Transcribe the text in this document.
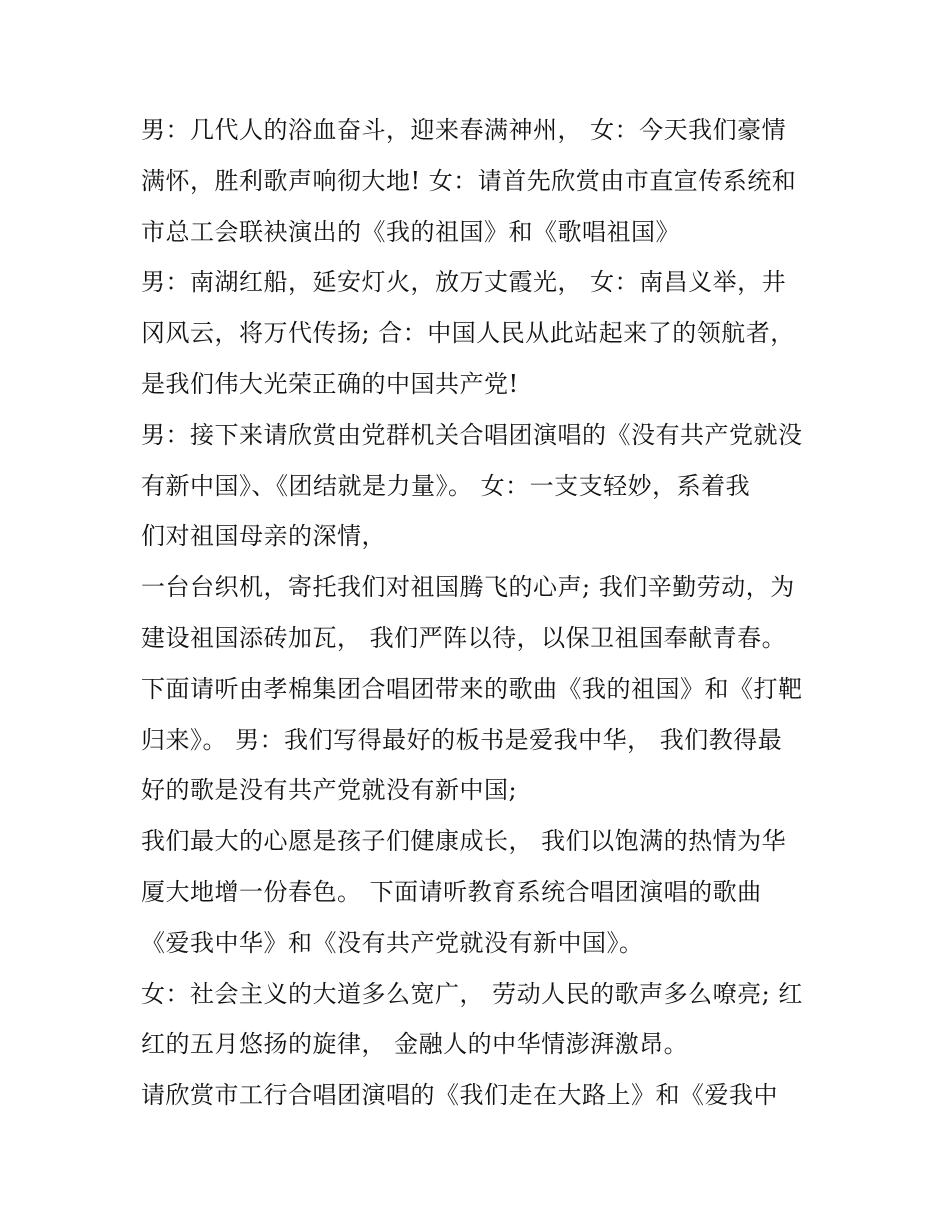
男：几代人的浴血奋斗，迎来春满神州， 女：今天我们豪情
满怀，胜利歌声响彻大地! 女：请首先欣赏由市直宣传系统和
市总工会联袂演出的《我的祖国》和《歌唱祖国》
男：南湖红船，延安灯火，放万丈霞光， 女：南昌义举，井
冈风云，将万代传扬; 合：中国人民从此站起来了的领航者，
是我们伟大光荣正确的中国共产党!
男：接下来请欣赏由党群机关合唱团演唱的《没有共产党就没
有新中国》、《团结就是力量》。 女：一支支轻妙，系着我
们对祖国母亲的深情，
一台台织机，寄托我们对祖国腾飞的心声; 我们辛勤劳动，为
建设祖国添砖加瓦， 我们严阵以待，以保卫祖国奉献青春。
下面请听由孝棉集团合唱团带来的歌曲《我的祖国》和《打靶
归来》。 男：我们写得最好的板书是爱我中华， 我们教得最
好的歌是没有共产党就没有新中国;
我们最大的心愿是孩子们健康成长， 我们以饱满的热情为华
厦大地增一份春色。 下面请听教育系统合唱团演唱的歌曲
《爱我中华》和《没有共产党就没有新中国》。
女：社会主义的大道多么宽广， 劳动人民的歌声多么嘹亮; 红
红的五月悠扬的旋律， 金融人的中华情澎湃激昂。
请欣赏市工行合唱团演唱的《我们走在大路上》和《爱我中
